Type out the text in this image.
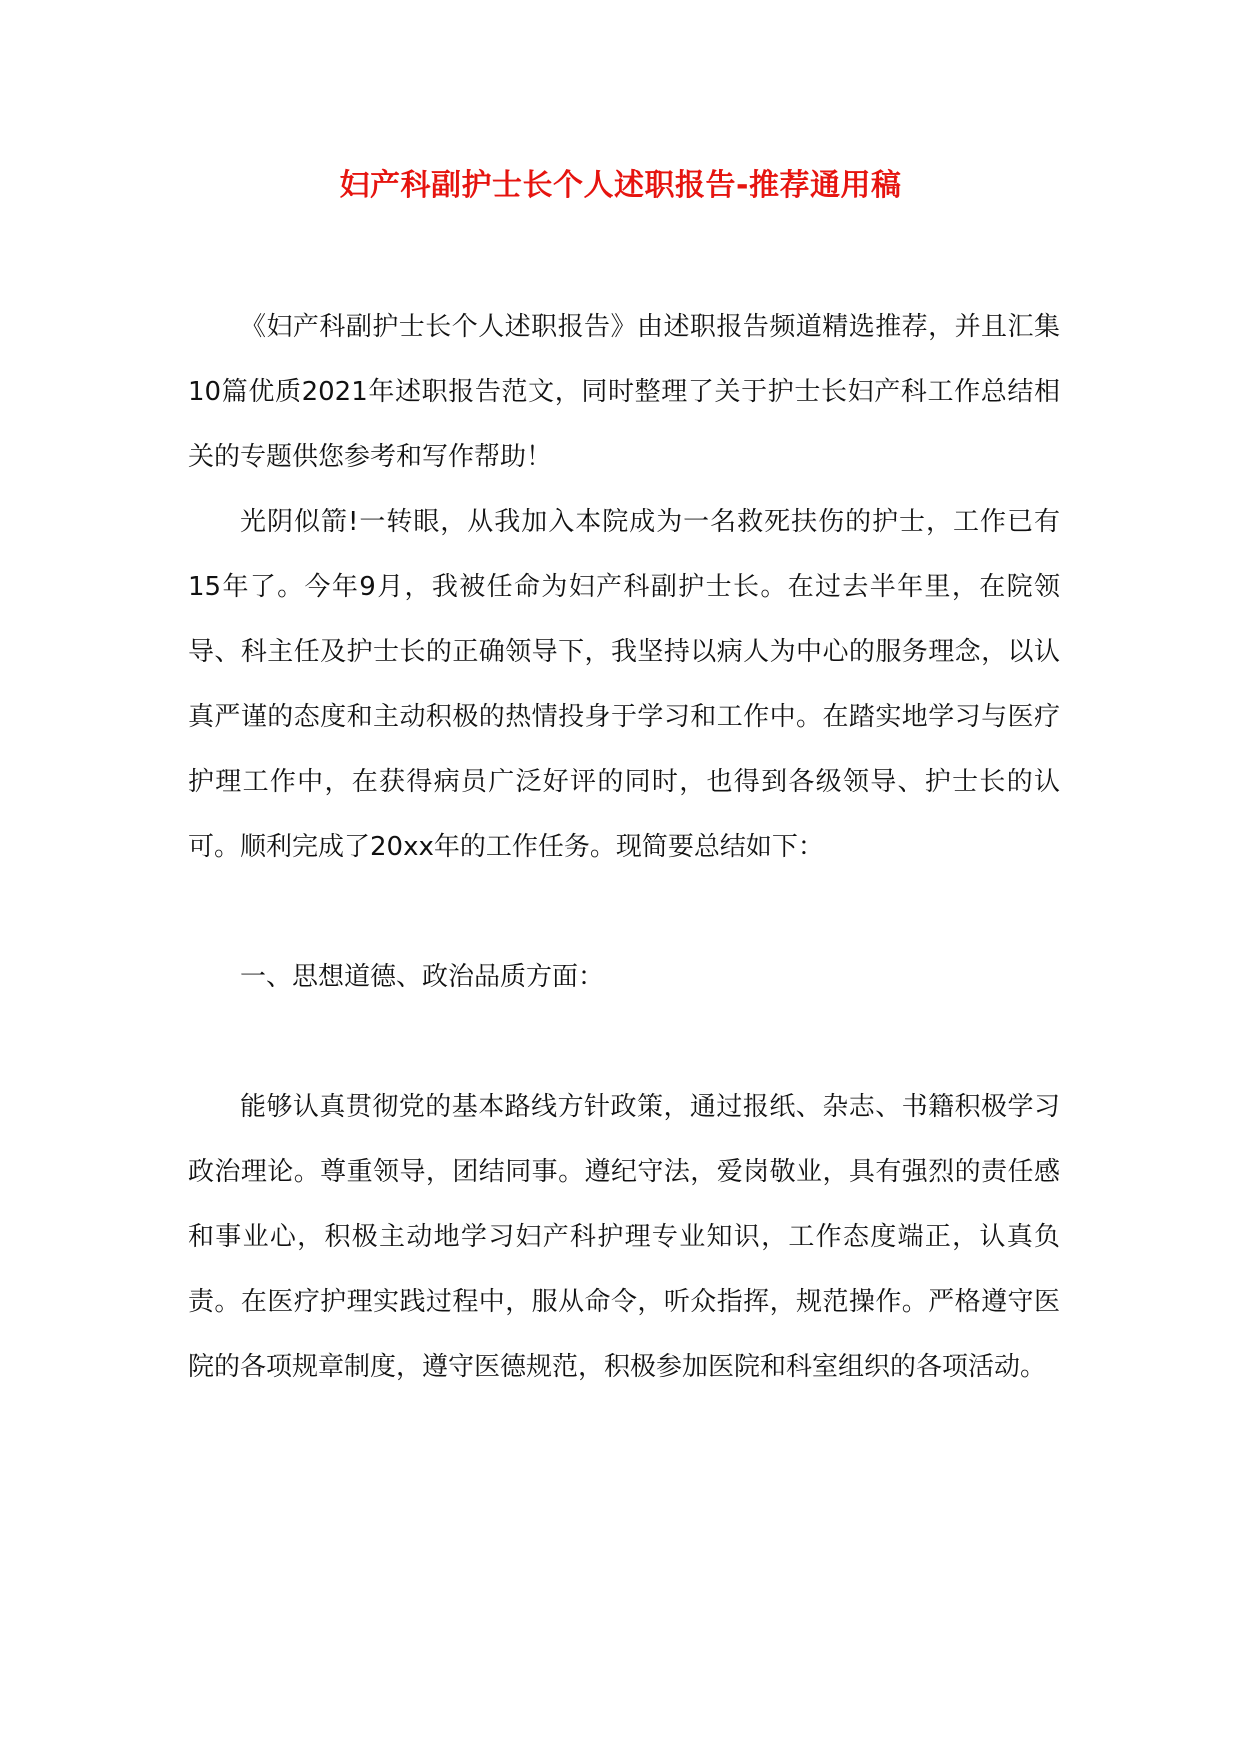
妇产科副护士长个人述职报告-推荐通用稿

《妇产科副护士长个人述职报告》由述职报告频道精选推荐，并且汇集10篇优质2021年述职报告范文，同时整理了关于护士长妇产科工作总结相关的专题供您参考和写作帮助！

光阴似箭!一转眼，从我加入本院成为一名救死扶伤的护士，工作已有15年了。今年9月，我被任命为妇产科副护士长。在过去半年里，在院领导、科主任及护士长的正确领导下，我坚持以病人为中心的服务理念，以认真严谨的态度和主动积极的热情投身于学习和工作中。在踏实地学习与医疗护理工作中，在获得病员广泛好评的同时，也得到各级领导、护士长的认可。顺利完成了20xx年的工作任务。现简要总结如下：

一、思想道德、政治品质方面：

能够认真贯彻党的基本路线方针政策，通过报纸、杂志、书籍积极学习政治理论。尊重领导，团结同事。遵纪守法，爱岗敬业，具有强烈的责任感和事业心，积极主动地学习妇产科护理专业知识，工作态度端正，认真负责。在医疗护理实践过程中，服从命令，听众指挥，规范操作。严格遵守医院的各项规章制度，遵守医德规范，积极参加医院和科室组织的各项活动。
